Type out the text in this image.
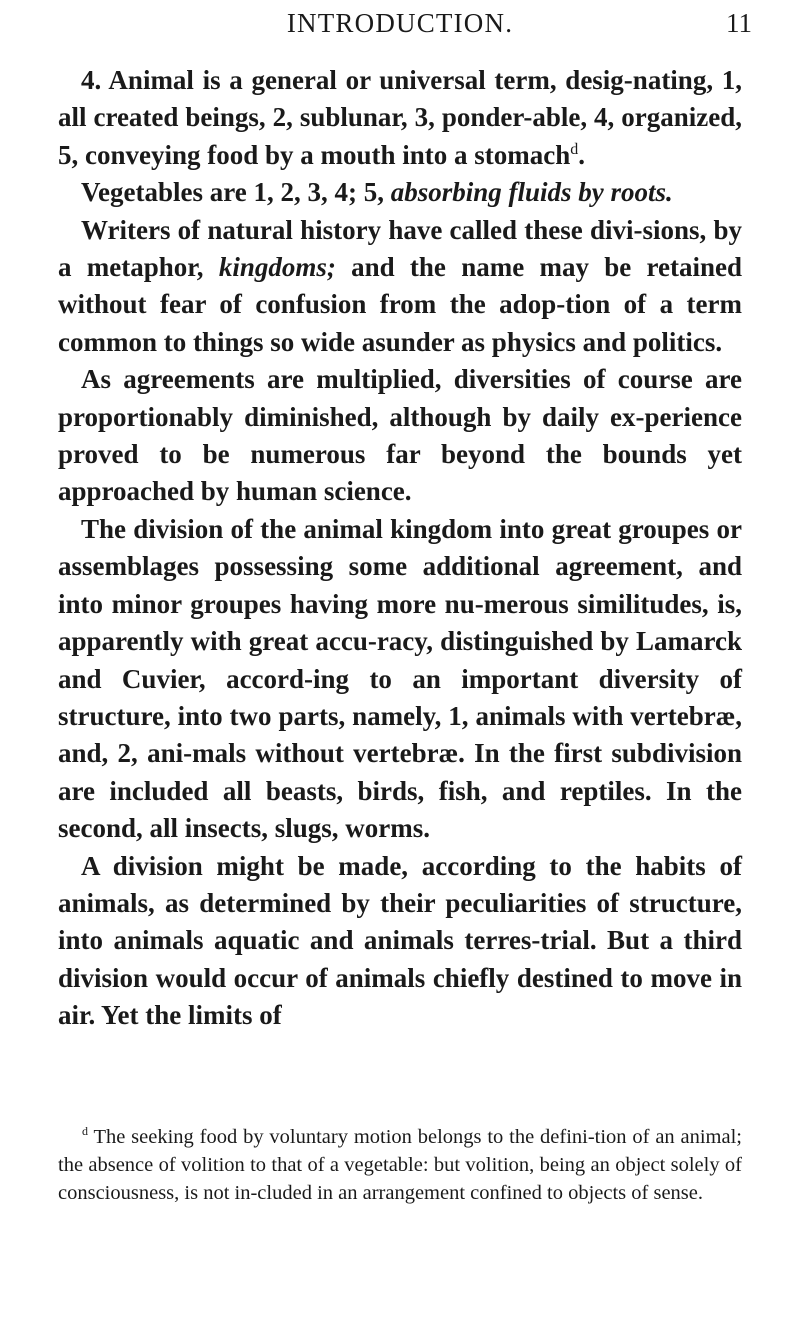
INTRODUCTION.	11

4. Animal is a general or universal term, desig-nating, 1, all created beings, 2, sublunar, 3, ponder-able, 4, organized, 5, conveying food by a mouth into a stomach$^d$.

Vegetables are 1, 2, 3, 4; 5, absorbing fluids by roots.

Writers of natural history have called these divi-sions, by a metaphor, kingdoms; and the name may be retained without fear of confusion from the adop-tion of a term common to things so wide asunder as physics and politics.

As agreements are multiplied, diversities of course are proportionably diminished, although by daily ex-perience proved to be numerous far beyond the bounds yet approached by human science.

The division of the animal kingdom into great groupes or assemblages possessing some additional agreement, and into minor groupes having more nu-merous similitudes, is, apparently with great accu-racy, distinguished by Lamarck and Cuvier, accord-ing to an important diversity of structure, into two parts, namely, 1, animals with vertebræ, and, 2, ani-mals without vertebræ. In the first subdivision are included all beasts, birds, fish, and reptiles. In the second, all insects, slugs, worms.

A division might be made, according to the habits of animals, as determined by their peculiarities of structure, into animals aquatic and animals terres-trial. But a third division would occur of animals chiefly destined to move in air. Yet the limits of

$^d$ The seeking food by voluntary motion belongs to the defini-tion of an animal; the absence of volition to that of a vegetable: but volition, being an object solely of consciousness, is not in-cluded in an arrangement confined to objects of sense.
